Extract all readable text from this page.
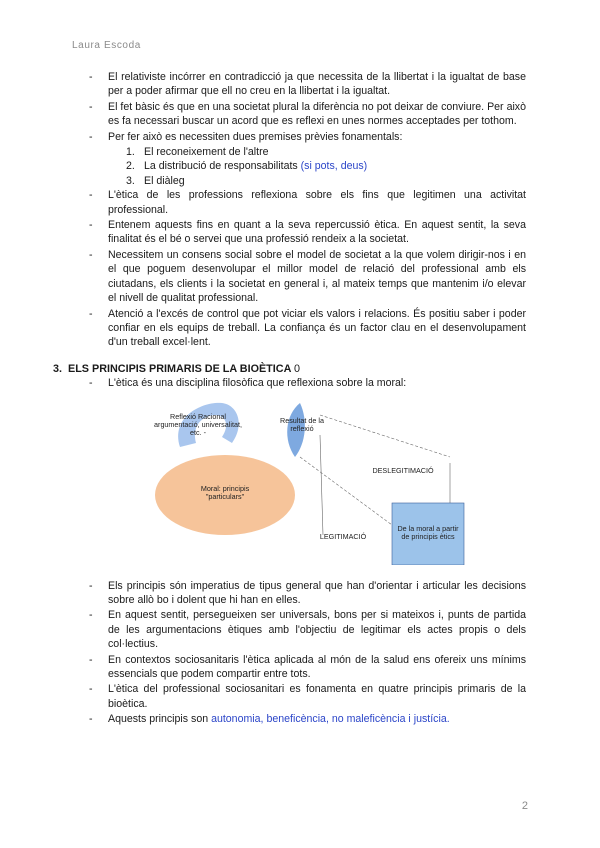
Laura Escoda
- El relativiste incórrer en contradicció ja que necessita de la llibertat i la igualtat de base per a poder afirmar que ell no creu en la llibertat i la igualtat.
- El fet bàsic és que en una societat plural la diferència no pot deixar de conviure. Per això es fa necessari buscar un acord que es reflexi en unes normes acceptades per tothom.
- Per fer això es necessiten dues premises prèvies fonamentals:
1. El reconeixement de l'altre
2. La distribució de responsabilitats (si pots, deus)
3. El diàleg
- L'ètica de les professions reflexiona sobre els fins que legitimen una activitat professional.
- Entenem aquests fins en quant a la seva repercussió ètica. En aquest sentit, la seva finalitat és el bé o servei que una professió rendeix a la societat.
- Necessitem un consens social sobre el model de societat a la que volem dirigir-nos i en el que poguem desenvolupar el millor model de relació del professional amb els ciutadans, els clients i la societat en general i, al mateix temps que mantenim i/o elevar el nivell de qualitat professional.
- Atenció a l'excés de control que pot viciar els valors i relacions. És positiu saber i poder confiar en els equips de treball. La confiança és un factor clau en el desenvolupament d'un treball excel·lent.
3. ELS PRINCIPIS PRIMARIS DE LA BIOÈTICA 0
- L'ètica és una disciplina filosòfica que reflexiona sobre la moral:
Reflexió Racional argumentació, universalitat, etc. -
Moral: principis "particulars"
Resultat de la reflexió
DESLEGITIMACIÓ
LEGITIMACIÓ
De la moral a partir de principis ètics
- Els principis són imperatius de tipus general que han d'orientar i articular les decisions sobre allò bo i dolent que hi han en elles.
- En aquest sentit, persegueixen ser universals, bons per si mateixos i, punts de partida de les argumentacions ètiques amb l'objectiu de legitimar els actes propis o dels col·lectius.
- En contextos sociosanitaris l'ètica aplicada al món de la salud ens ofereix uns mínims essencials que podem compartir entre tots.
- L'ètica del professional sociosanitari es fonamenta en quatre principis primaris de la bioètica.
- Aquests principis son autonomia, beneficència, no maleficència i justícia.
2
